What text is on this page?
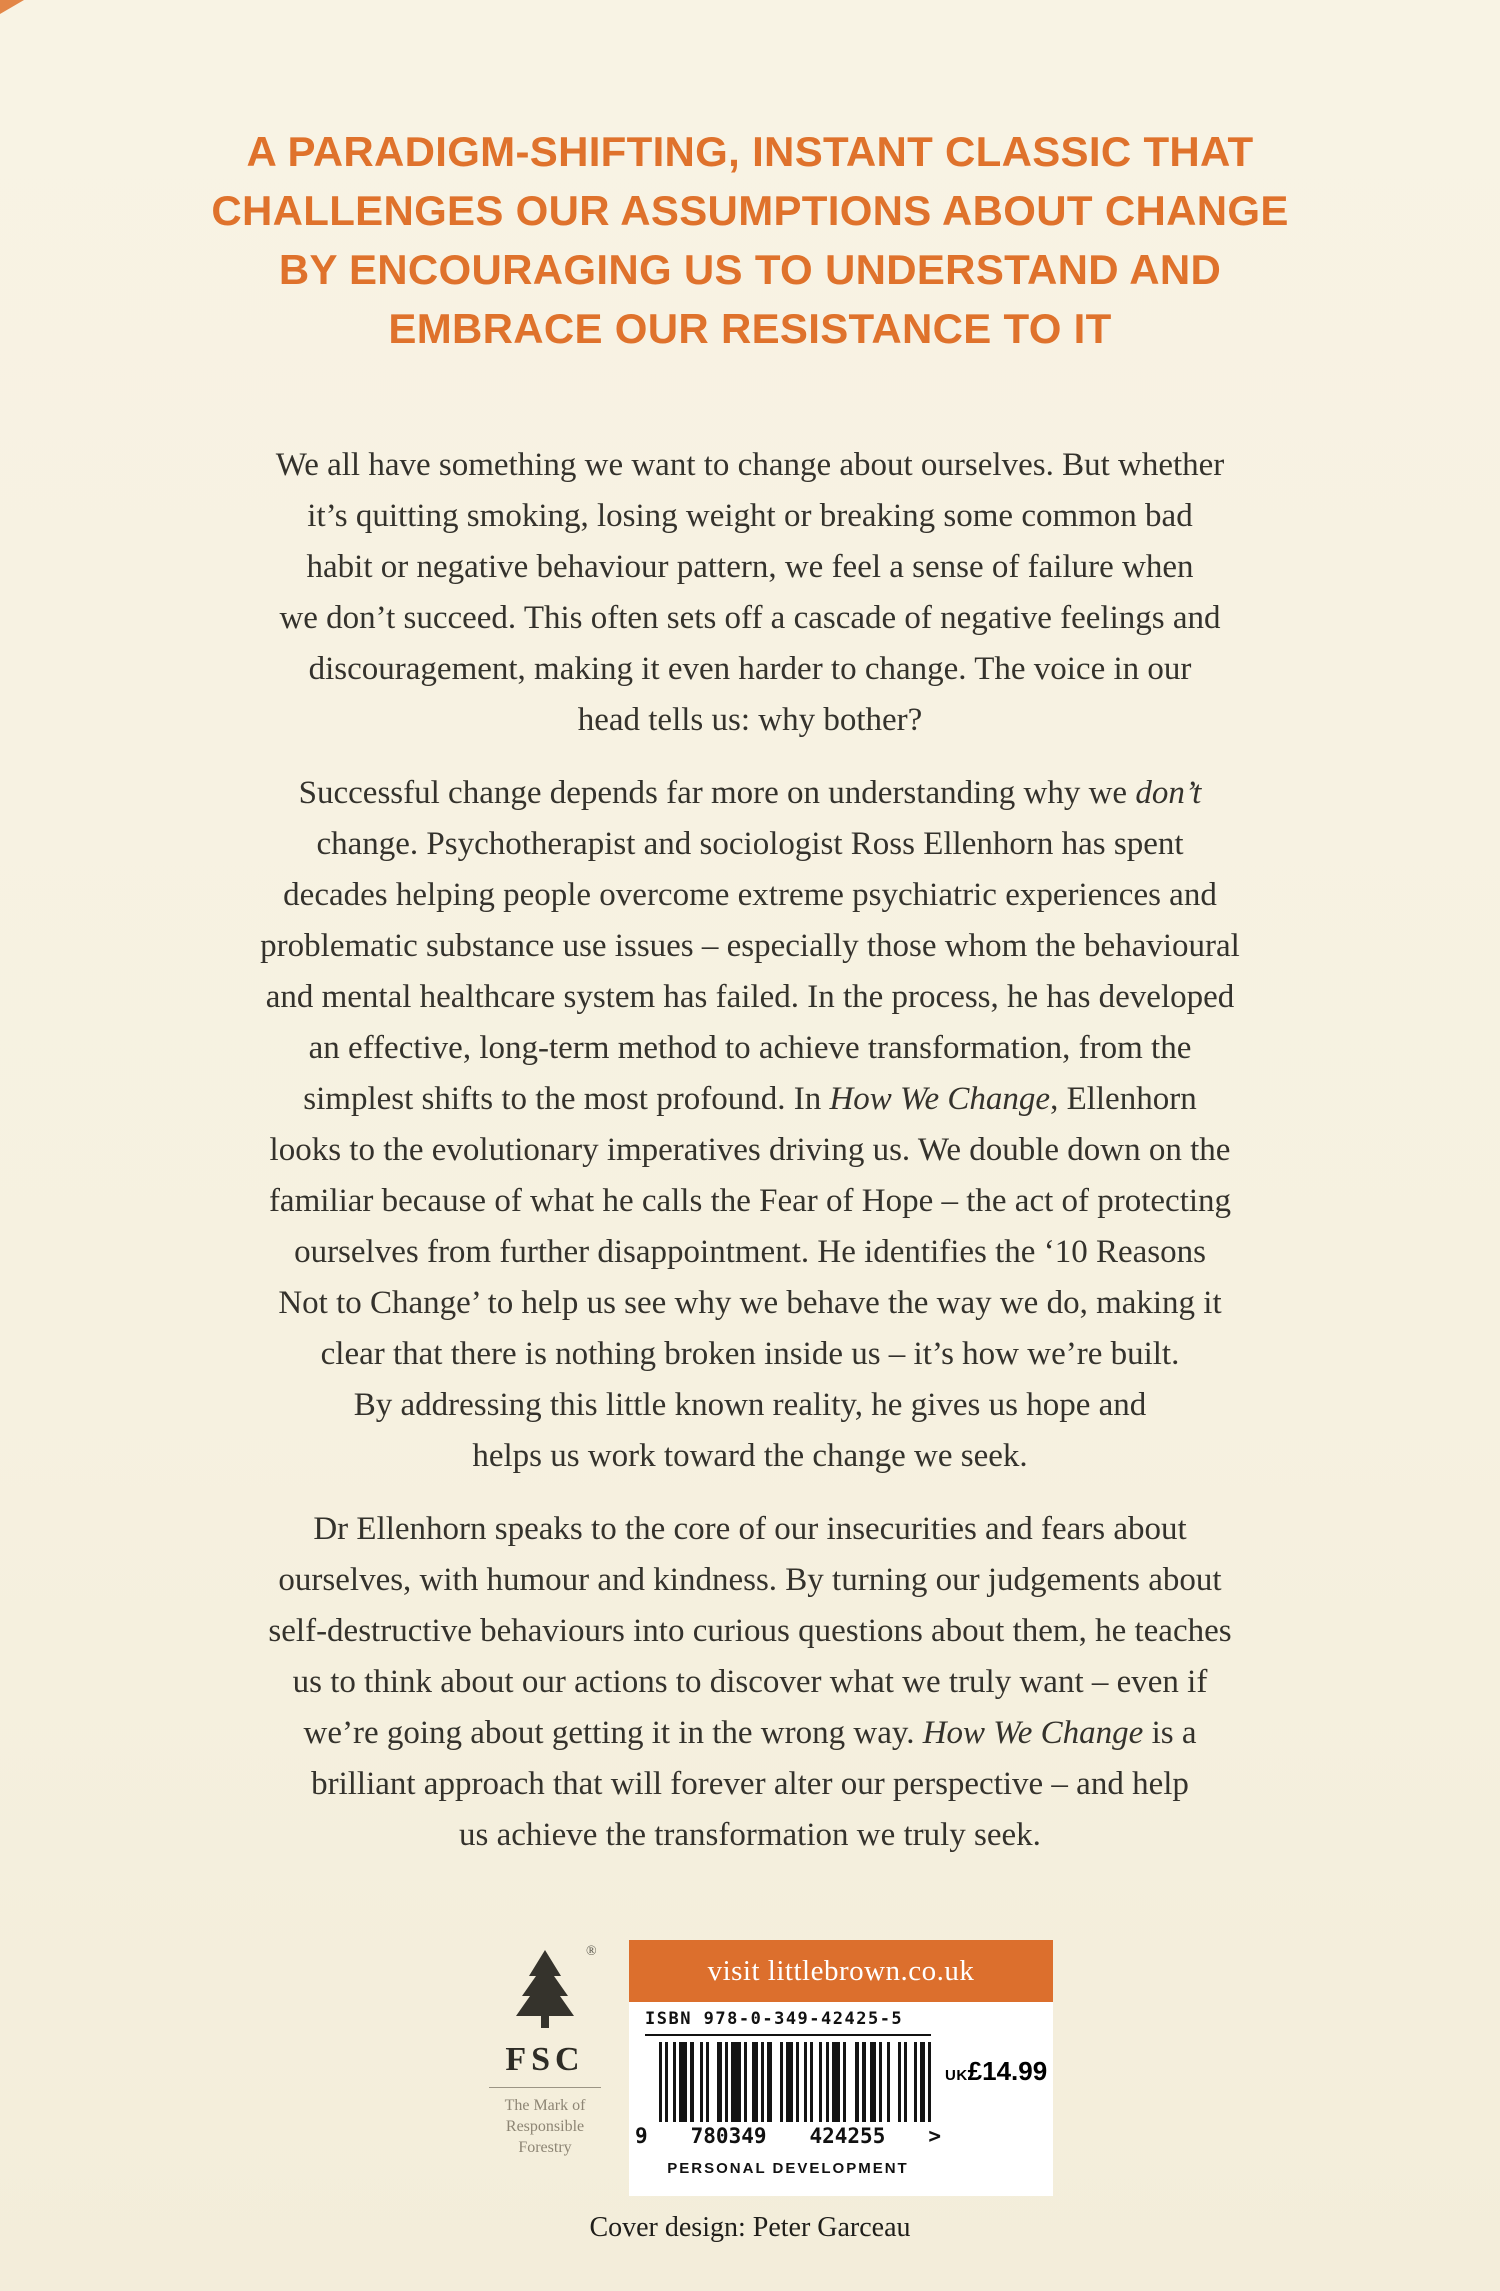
A PARADIGM-SHIFTING, INSTANT CLASSIC THAT
CHALLENGES OUR ASSUMPTIONS ABOUT CHANGE
BY ENCOURAGING US TO UNDERSTAND AND
EMBRACE OUR RESISTANCE TO IT
We all have something we want to change about ourselves. But whether
it’s quitting smoking, losing weight or breaking some common bad
habit or negative behaviour pattern, we feel a sense of failure when
we don’t succeed. This often sets off a cascade of negative feelings and
discouragement, making it even harder to change. The voice in our
head tells us: why bother?
Successful change depends far more on understanding why we don’t
change. Psychotherapist and sociologist Ross Ellenhorn has spent
decades helping people overcome extreme psychiatric experiences and
problematic substance use issues – especially those whom the behavioural
and mental healthcare system has failed. In the process, he has developed
an effective, long-term method to achieve transformation, from the
simplest shifts to the most profound. In How We Change, Ellenhorn
looks to the evolutionary imperatives driving us. We double down on the
familiar because of what he calls the Fear of Hope – the act of protecting
ourselves from further disappointment. He identifies the ‘10 Reasons
Not to Change’ to help us see why we behave the way we do, making it
clear that there is nothing broken inside us – it’s how we’re built.
By addressing this little known reality, he gives us hope and
helps us work toward the change we seek.
Dr Ellenhorn speaks to the core of our insecurities and fears about
ourselves, with humour and kindness. By turning our judgements about
self-destructive behaviours into curious questions about them, he teaches
us to think about our actions to discover what we truly want – even if
we’re going about getting it in the wrong way. How We Change is a
brilliant approach that will forever alter our perspective – and help
us achieve the transformation we truly seek.
®
FSC
The Mark of
Responsible
Forestry
visit littlebrown.co.uk
ISBN 978-0-349-42425-5
9 780349 424255 >
PERSONAL DEVELOPMENT
UK £14.99
Cover design: Peter Garceau
